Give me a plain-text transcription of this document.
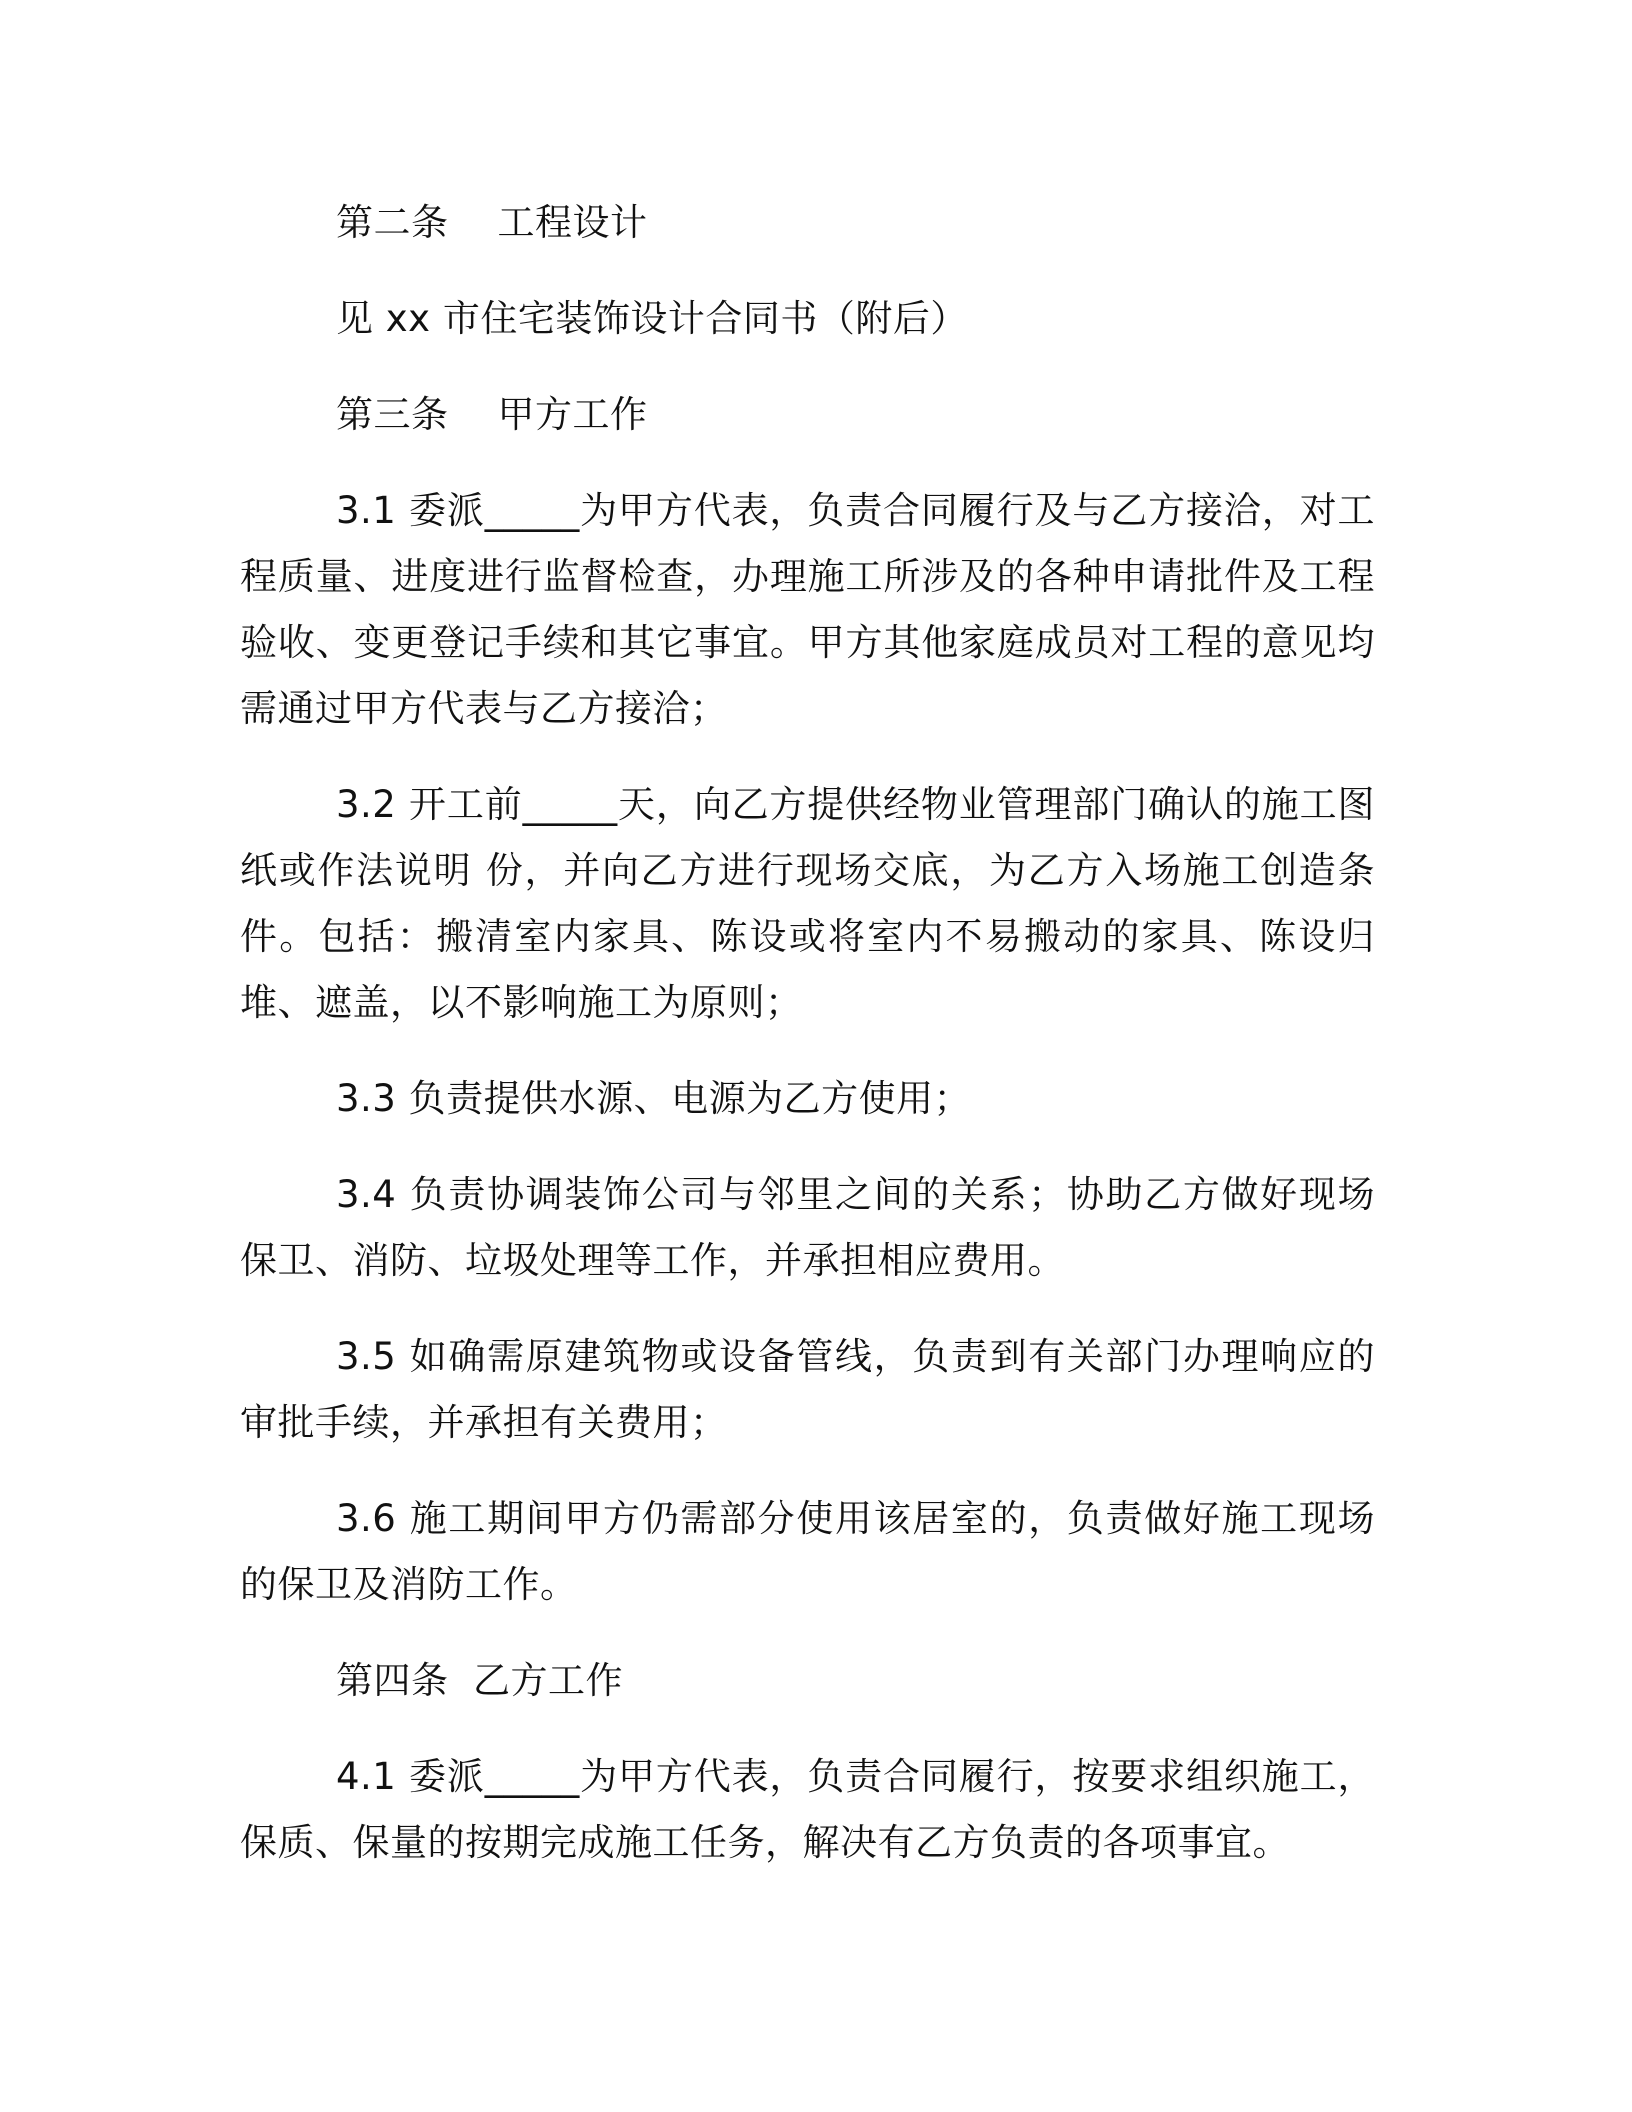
第二条    工程设计

见 xx 市住宅装饰设计合同书（附后）

第三条    甲方工作

3.1 委派_____为甲方代表，负责合同履行及与乙方接洽，对工程质量、进度进行监督检查，办理施工所涉及的各种申请批件及工程验收、变更登记手续和其它事宜。甲方其他家庭成员对工程的意见均需通过甲方代表与乙方接洽；

3.2 开工前_____天，向乙方提供经物业管理部门确认的施工图纸或作法说明 份，并向乙方进行现场交底，为乙方入场施工创造条件。包括：搬清室内家具、陈设或将室内不易搬动的家具、陈设归堆、遮盖，以不影响施工为原则；

3.3 负责提供水源、电源为乙方使用；

3.4 负责协调装饰公司与邻里之间的关系；协助乙方做好现场保卫、消防、垃圾处理等工作，并承担相应费用。

3.5 如确需原建筑物或设备管线，负责到有关部门办理响应的审批手续，并承担有关费用；

3.6 施工期间甲方仍需部分使用该居室的，负责做好施工现场的保卫及消防工作。

第四条  乙方工作

4.1 委派_____为甲方代表，负责合同履行，按要求组织施工，保质、保量的按期完成施工任务，解决有乙方负责的各项事宜。
